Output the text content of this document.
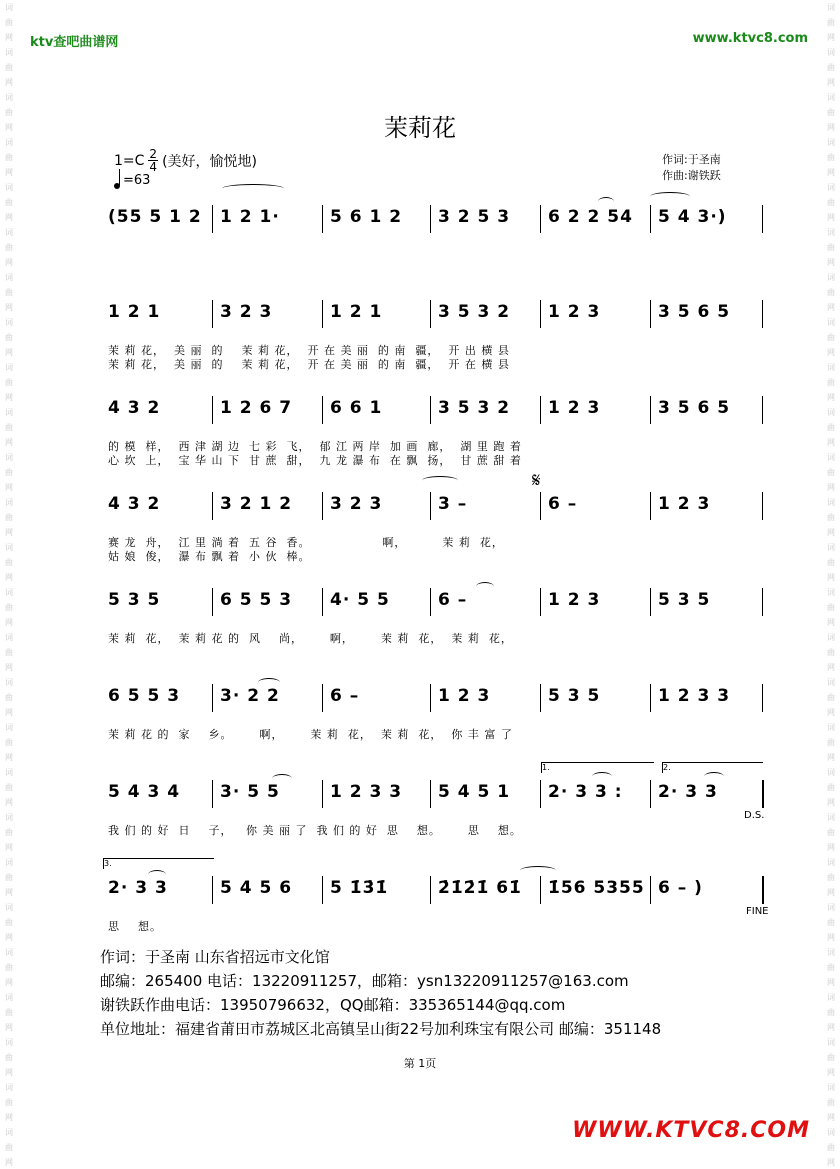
词
曲
网
词
曲
网
词
曲
网
词
曲
网
词
曲
网
词
曲
网
词
曲
网
词
曲
网
词
曲
网
词
曲
网
词
曲
网
词
曲
网
词
曲
网
词
曲
网
词
曲
网
词
曲
网
词
曲
网
词
曲
网
词
曲
网
词
曲
网
词
曲
网
词
曲
网
词
曲
网
词
曲
网
词
曲
网
词
曲
网
词
曲
网
词
曲
网
词
曲
网
词
曲
网
词
曲
网
词
曲
网
词
曲
网
词
曲
网
词
曲
网
词
曲
网
词
曲
网
词
曲
网
词
曲
网
词
曲
网
词
曲
网
词
曲
网
词
曲
网
词
曲
网
词
曲
网
词
曲
网
词
曲
网
词
曲
网
词
曲
网
词
曲
网
词
曲
网
词
曲
网
ktv查吧曲谱网	www.ktvc8.com
茉莉花
$1=C \frac{2}{4}$ (美好，愉悦地)
=63
作词:于圣南
作曲:谢铁跃
(55 5 1 2 1 2 1·	5 6 1 2 3 2 5 3 6 2 2 54 5 4 3·)
1 2 1	3 2 3	1 2 1	3 5 3 2 1 2 3	3 5 6 5
茉 莉 花，  美 丽  的    茉 莉 花，  开 在 美 丽  的 南  疆，  开 出 横 县
茉 莉 花，  美 丽  的    茉 莉 花，  开 在 美 丽  的 南  疆，  开 在 横 县
4 3 2	1 2 6 7 6 6 1	3 5 3 2 1 2 3	3 5 6 5
的 模  样，  西 津 湖 边  七 彩  飞，  郁 江 两 岸  加 画  廊，  湖 里 跑 着
心 坎  上，  宝 华 山 下  甘 蔗  甜，  九 龙 瀑 布  在 飘  扬，  甘 蔗 甜 着
4 3 2	3 2 1 2 3 2 3	3 –	6 –	1 2 3
赛 龙  舟，  江 里 淌 着  五 谷  香。                啊，        茉 莉  花，
姑 娘  俊，  瀑 布 飘 着  小 伙  棒。
5 3 5	6 5 5 3 4· 5 5	6 –	1 2 3	5 3 5
茉 莉  花，  茉 莉 花 的  风    尚，      啊，      茉 莉  花，  茉 莉  花，
6 5 5 3 3· 2 2	6 –	1 2 3	5 3 5	1 2 3 3
茉 莉 花 的  家    乡。      啊，      茉 莉  花，  茉 莉  花，  你 丰 富 了
5 4 3 4 3· 5 5	1 2 3 3 5 4 5 1 2· 3 3 : 2· 3 3
我 们 的 好  日    子，   你 美 丽 了  我 们 的 好  思    想。      思    想。
2· 3 3	5 4 5 6 5 1̇3̇1̇	2̇1̇2̇1̇ 61̇ 1̇56 5355 6 – )
思    想。
作词：于圣南 山东省招远市文化馆
邮编：265400 电话：13220911257，邮箱：ysn13220911257@163.com
谢铁跃作曲电话：13950796632，QQ邮箱：335365144@qq.com
单位地址：福建省莆田市荔城区北高镇呈山街22号加利珠宝有限公司 邮编：351148
第 1页
WWW.KTVC8.COM
1.	2.
3.
D.S.
FINE
𝄋
